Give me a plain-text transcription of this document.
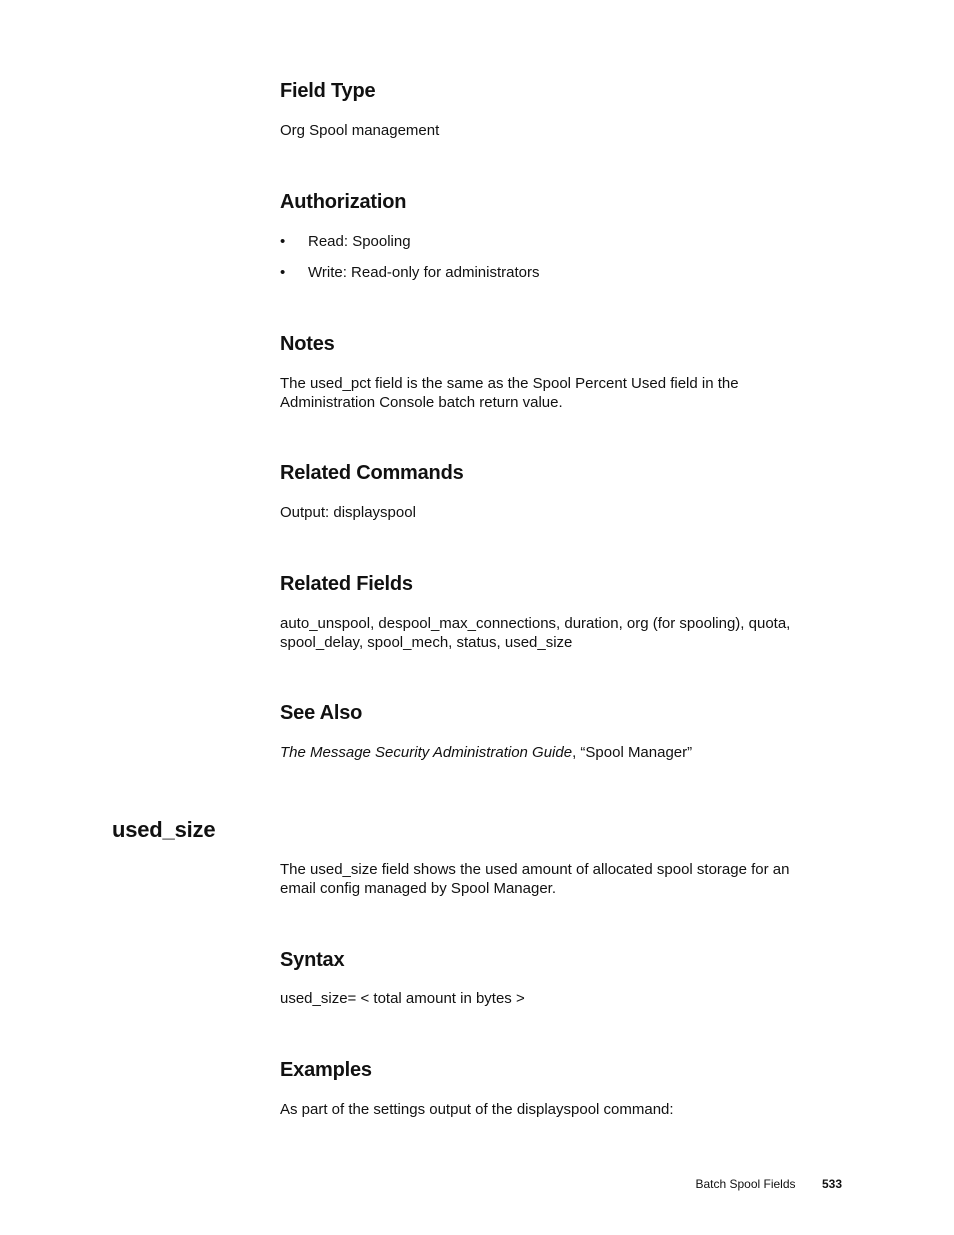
Field Type

Org Spool management

Authorization
• Read: Spooling
• Write: Read-only for administrators
Notes

The used_pct field is the same as the Spool Percent Used field in the Administration Console batch return value.

Related Commands

Output: displayspool

Related Fields

auto_unspool, despool_max_connections, duration, org (for spooling), quota, spool_delay, spool_mech, status, used_size

See Also

The Message Security Administration Guide, “Spool Manager”

used_size

The used_size field shows the used amount of allocated spool storage for an email config managed by Spool Manager.

Syntax

used_size= < total amount in bytes >

Examples

As part of the settings output of the displayspool command:

Batch Spool Fields 533
